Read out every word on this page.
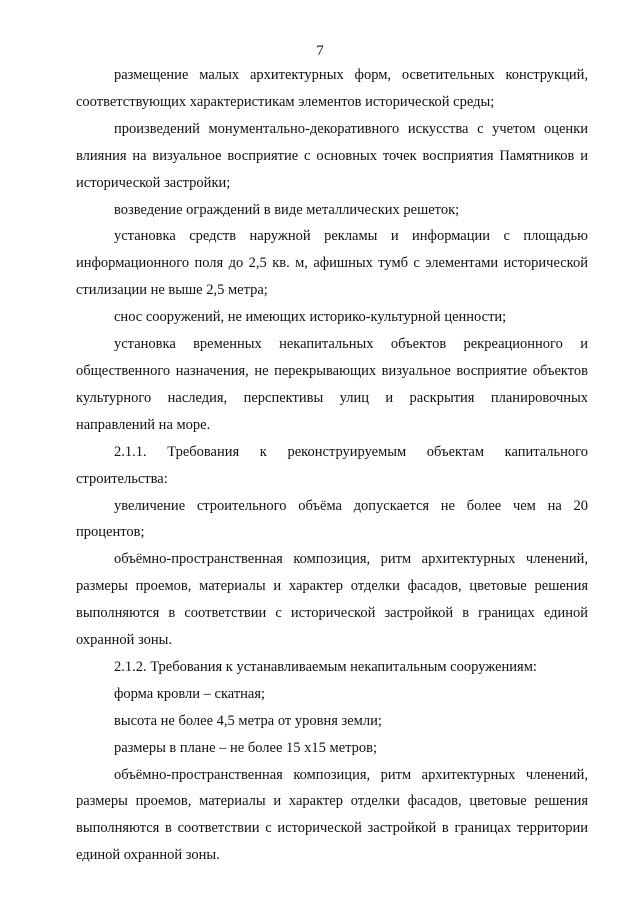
7

размещение малых архитектурных форм, осветительных конструкций, соответствующих характеристикам элементов исторической среды;

произведений монументально-декоративного искусства с учетом оценки влияния на визуальное восприятие с основных точек восприятия Памятников и исторической застройки;

возведение ограждений в виде металлических решеток;

установка средств наружной рекламы и информации с площадью информационного поля до 2,5 кв. м, афишных тумб с элементами исторической стилизации не выше 2,5 метра;

снос сооружений, не имеющих историко-культурной ценности;

установка временных некапитальных объектов рекреационного и общественного назначения, не перекрывающих визуальное восприятие объектов культурного наследия, перспективы улиц и раскрытия планировочных направлений на море.

2.1.1. Требования к реконструируемым объектам капитального строительства:

увеличение строительного объёма допускается не более чем на 20 процентов;

объёмно-пространственная композиция, ритм архитектурных членений, размеры проемов, материалы и характер отделки фасадов, цветовые решения выполняются в соответствии с исторической застройкой в границах единой охранной зоны.

2.1.2. Требования к устанавливаемым некапитальным сооружениям:

форма кровли – скатная;

высота не более 4,5 метра от уровня земли;

размеры в плане – не более 15 х15 метров;

объёмно-пространственная композиция, ритм архитектурных членений, размеры проемов, материалы и характер отделки фасадов, цветовые решения выполняются в соответствии с исторической застройкой в границах территории единой охранной зоны.
